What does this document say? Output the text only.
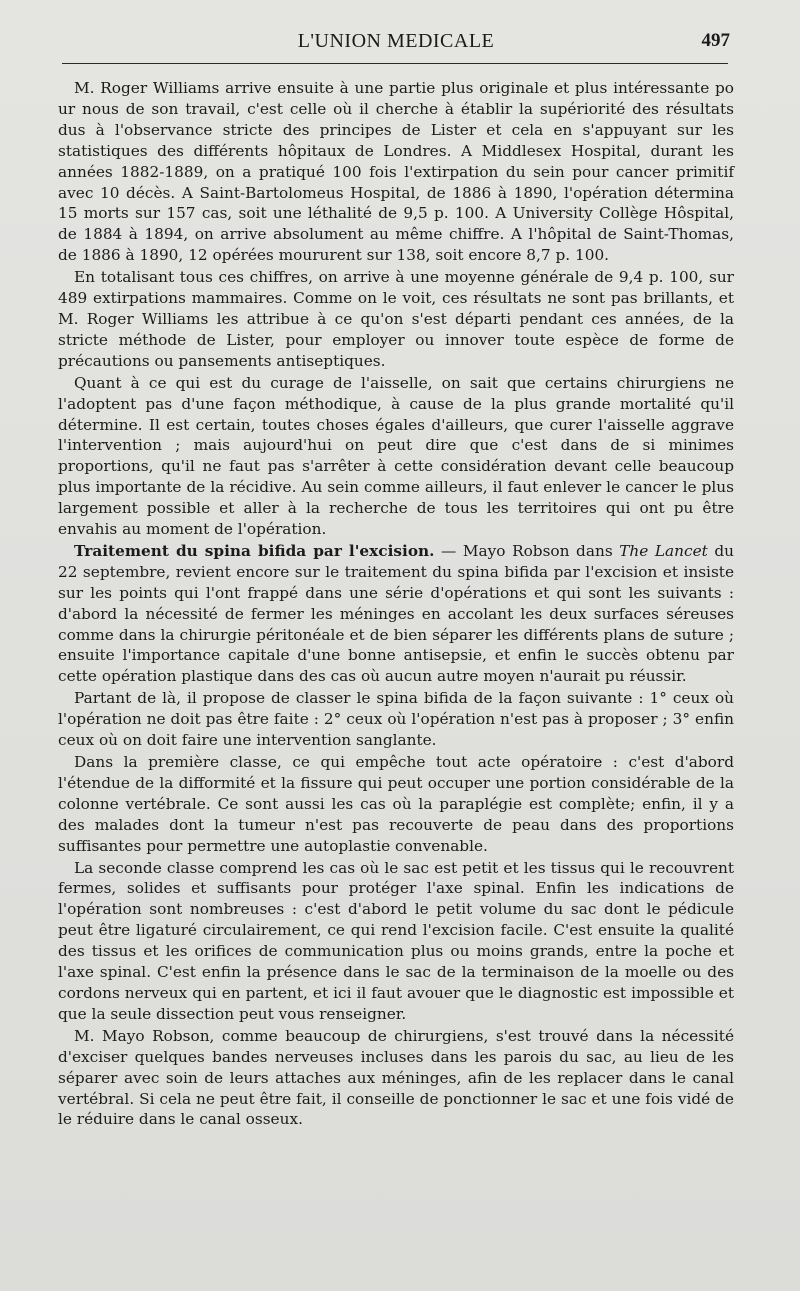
L'UNION MEDICALE	497

M. Roger Williams arrive ensuite à une partie plus originale et plus intéressante po ur nous de son travail, c'est celle où il cherche à établir la supériorité des résultats dus à l'observance stricte des principes de Lister et cela en s'appuyant sur les statistiques des différents hôpitaux de Londres. A Middlesex Hospital, durant les années 1882-1889, on a pratiqué 100 fois l'extirpation du sein pour cancer primitif avec 10 décès. A Saint-Bartolomeus Hospital, de 1886 à 1890, l'opération détermina 15 morts sur 157 cas, soit une léthalité de 9,5 p. 100. A University Collège Hôspital, de 1884 à 1894, on arrive absolument au même chiffre. A l'hôpital de Saint-Thomas, de 1886 à 1890, 12 opérées moururent sur 138, soit encore 8,7 p. 100.

En totalisant tous ces chiffres, on arrive à une moyenne générale de 9,4 p. 100, sur 489 extirpations mammaires. Comme on le voit, ces résultats ne sont pas brillants, et M. Roger Williams les attribue à ce qu'on s'est départi pendant ces années, de la stricte méthode de Lister, pour employer ou innover toute espèce de forme de précautions ou pansements antiseptiques.

Quant à ce qui est du curage de l'aisselle, on sait que certains chirurgiens ne l'adoptent pas d'une façon méthodique, à cause de la plus grande mortalité qu'il détermine. Il est certain, toutes choses égales d'ailleurs, que curer l'aisselle aggrave l'intervention ; mais aujourd'hui on peut dire que c'est dans de si minimes proportions, qu'il ne faut pas s'arrêter à cette considération devant celle beaucoup plus importante de la récidive. Au sein comme ailleurs, il faut enlever le cancer le plus largement possible et aller à la recherche de tous les territoires qui ont pu être envahis au moment de l'opération.

Traitement du spina bifida par l'excision. — Mayo Robson dans The Lancet du 22 septembre, revient encore sur le traitement du spina bifida par l'excision et insiste sur les points qui l'ont frappé dans une série d'opérations et qui sont les suivants : d'abord la nécessité de fermer les méninges en accolant les deux surfaces séreuses comme dans la chirurgie péritonéale et de bien séparer les différents plans de suture ; ensuite l'importance capitale d'une bonne antisepsie, et enfin le succès obtenu par cette opération plastique dans des cas où aucun autre moyen n'aurait pu réussir.

Partant de là, il propose de classer le spina bifida de la façon suivante : 1° ceux où l'opération ne doit pas être faite : 2° ceux où l'opération n'est pas à proposer ; 3° enfin ceux où on doit faire une intervention sanglante.

Dans la première classe, ce qui empêche tout acte opératoire : c'est d'abord l'étendue de la difformité et la fissure qui peut occuper une portion considérable de la colonne vertébrale. Ce sont aussi les cas où la paraplégie est complète; enfin, il y a des malades dont la tumeur n'est pas recouverte de peau dans des proportions suffisantes pour permettre une autoplastie convenable.

La seconde classe comprend les cas où le sac est petit et les tissus qui le recouvrent fermes, solides et suffisants pour protéger l'axe spinal. Enfin les indications de l'opération sont nombreuses : c'est d'abord le petit volume du sac dont le pédicule peut être ligaturé circulairement, ce qui rend l'excision facile. C'est ensuite la qualité des tissus et les orifices de communication plus ou moins grands, entre la poche et l'axe spinal. C'est enfin la présence dans le sac de la terminaison de la moelle ou des cordons nerveux qui en partent, et ici il faut avouer que le diagnostic est impossible et que la seule dissection peut vous renseigner.

M. Mayo Robson, comme beaucoup de chirurgiens, s'est trouvé dans la nécessité d'exciser quelques bandes nerveuses incluses dans les parois du sac, au lieu de les séparer avec soin de leurs attaches aux méninges, afin de les replacer dans le canal vertébral. Si cela ne peut être fait, il conseille de ponctionner le sac et une fois vidé de le réduire dans le canal osseux.
